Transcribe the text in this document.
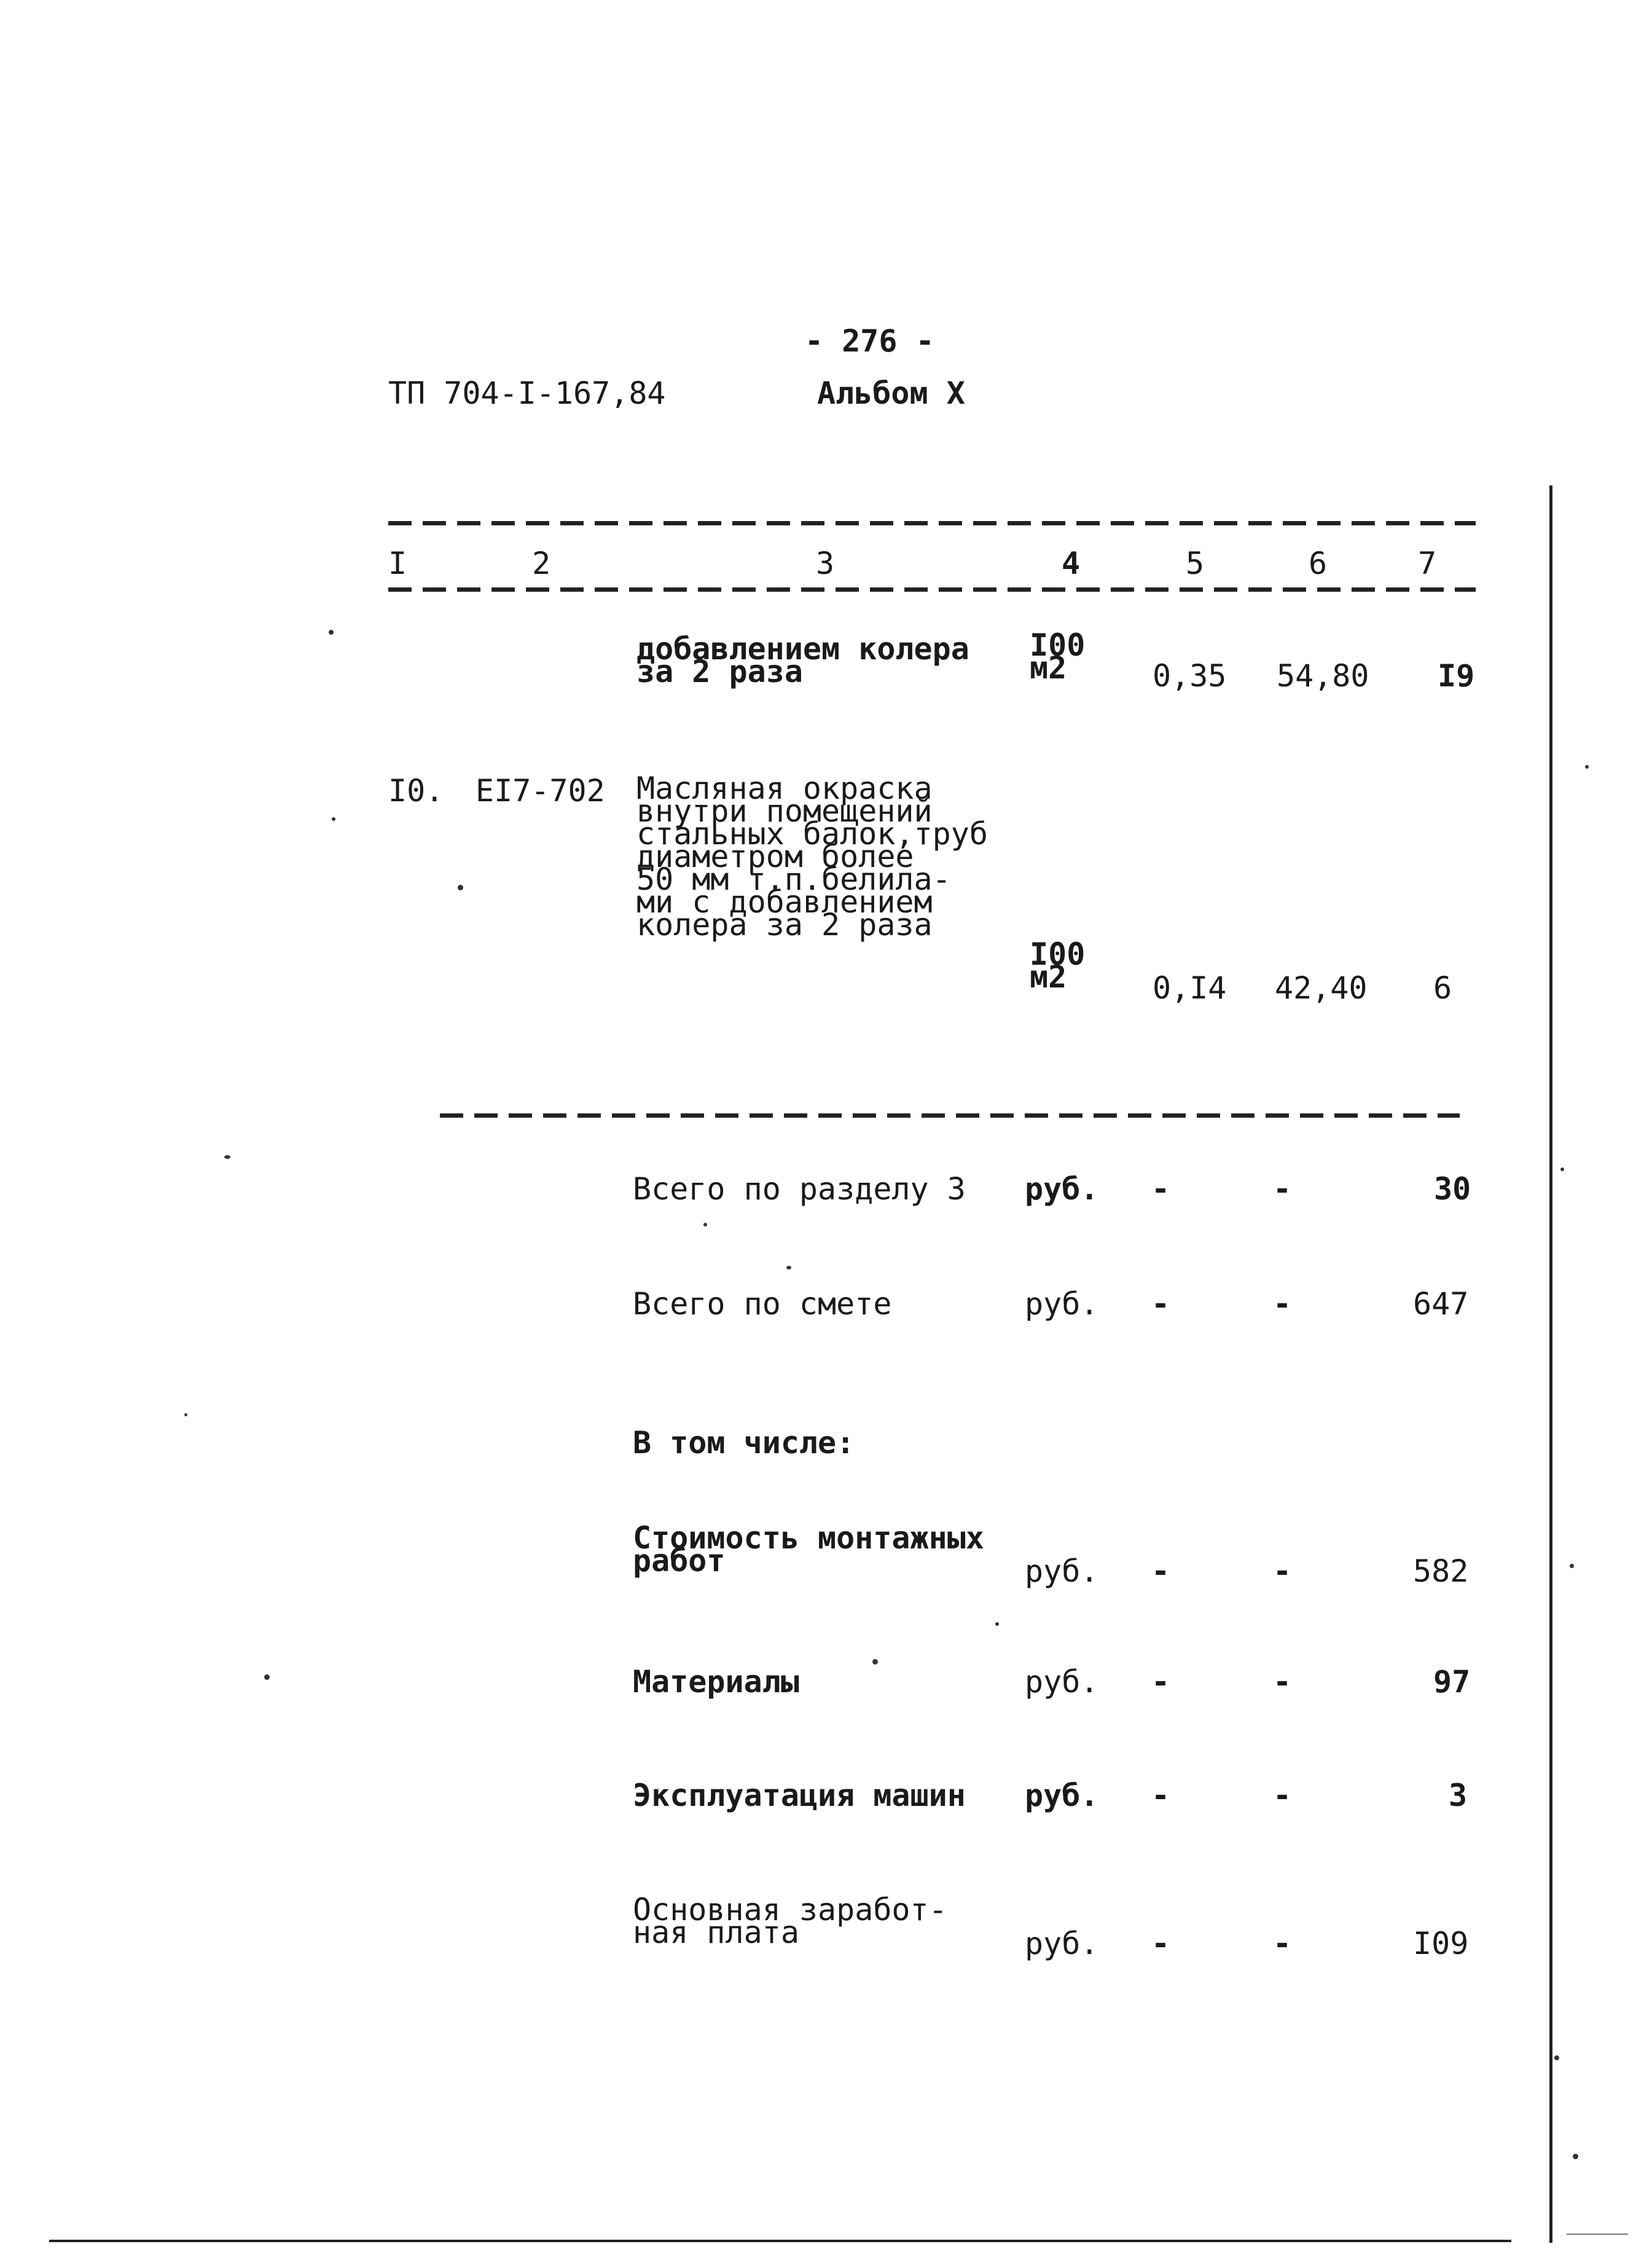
- 276 -
ТП 704-I-167,84	Альбом X
I	2	3	4	5	6	7
добавлением колера
за 2 раза
I00
м2	0,35 54,80 I9
I0. EI7-702 Масляная окраска
внутри помещений
стальных балок,труб
диаметром более
50 мм т.п.белила-
ми с добавлением
колера за 2 раза
I00
м2	0,I4 42,40 6
Всего по разделу 3 руб. -	-	30
Всего по смете	руб. -	-	647
В том числе:
Стоимость монтажных
работ	руб. -	-	582
Материалы	руб. -	-	97
Эксплуатация машин руб. -	-	3
Основная заработ-
ная плата	руб. -	-	I09
